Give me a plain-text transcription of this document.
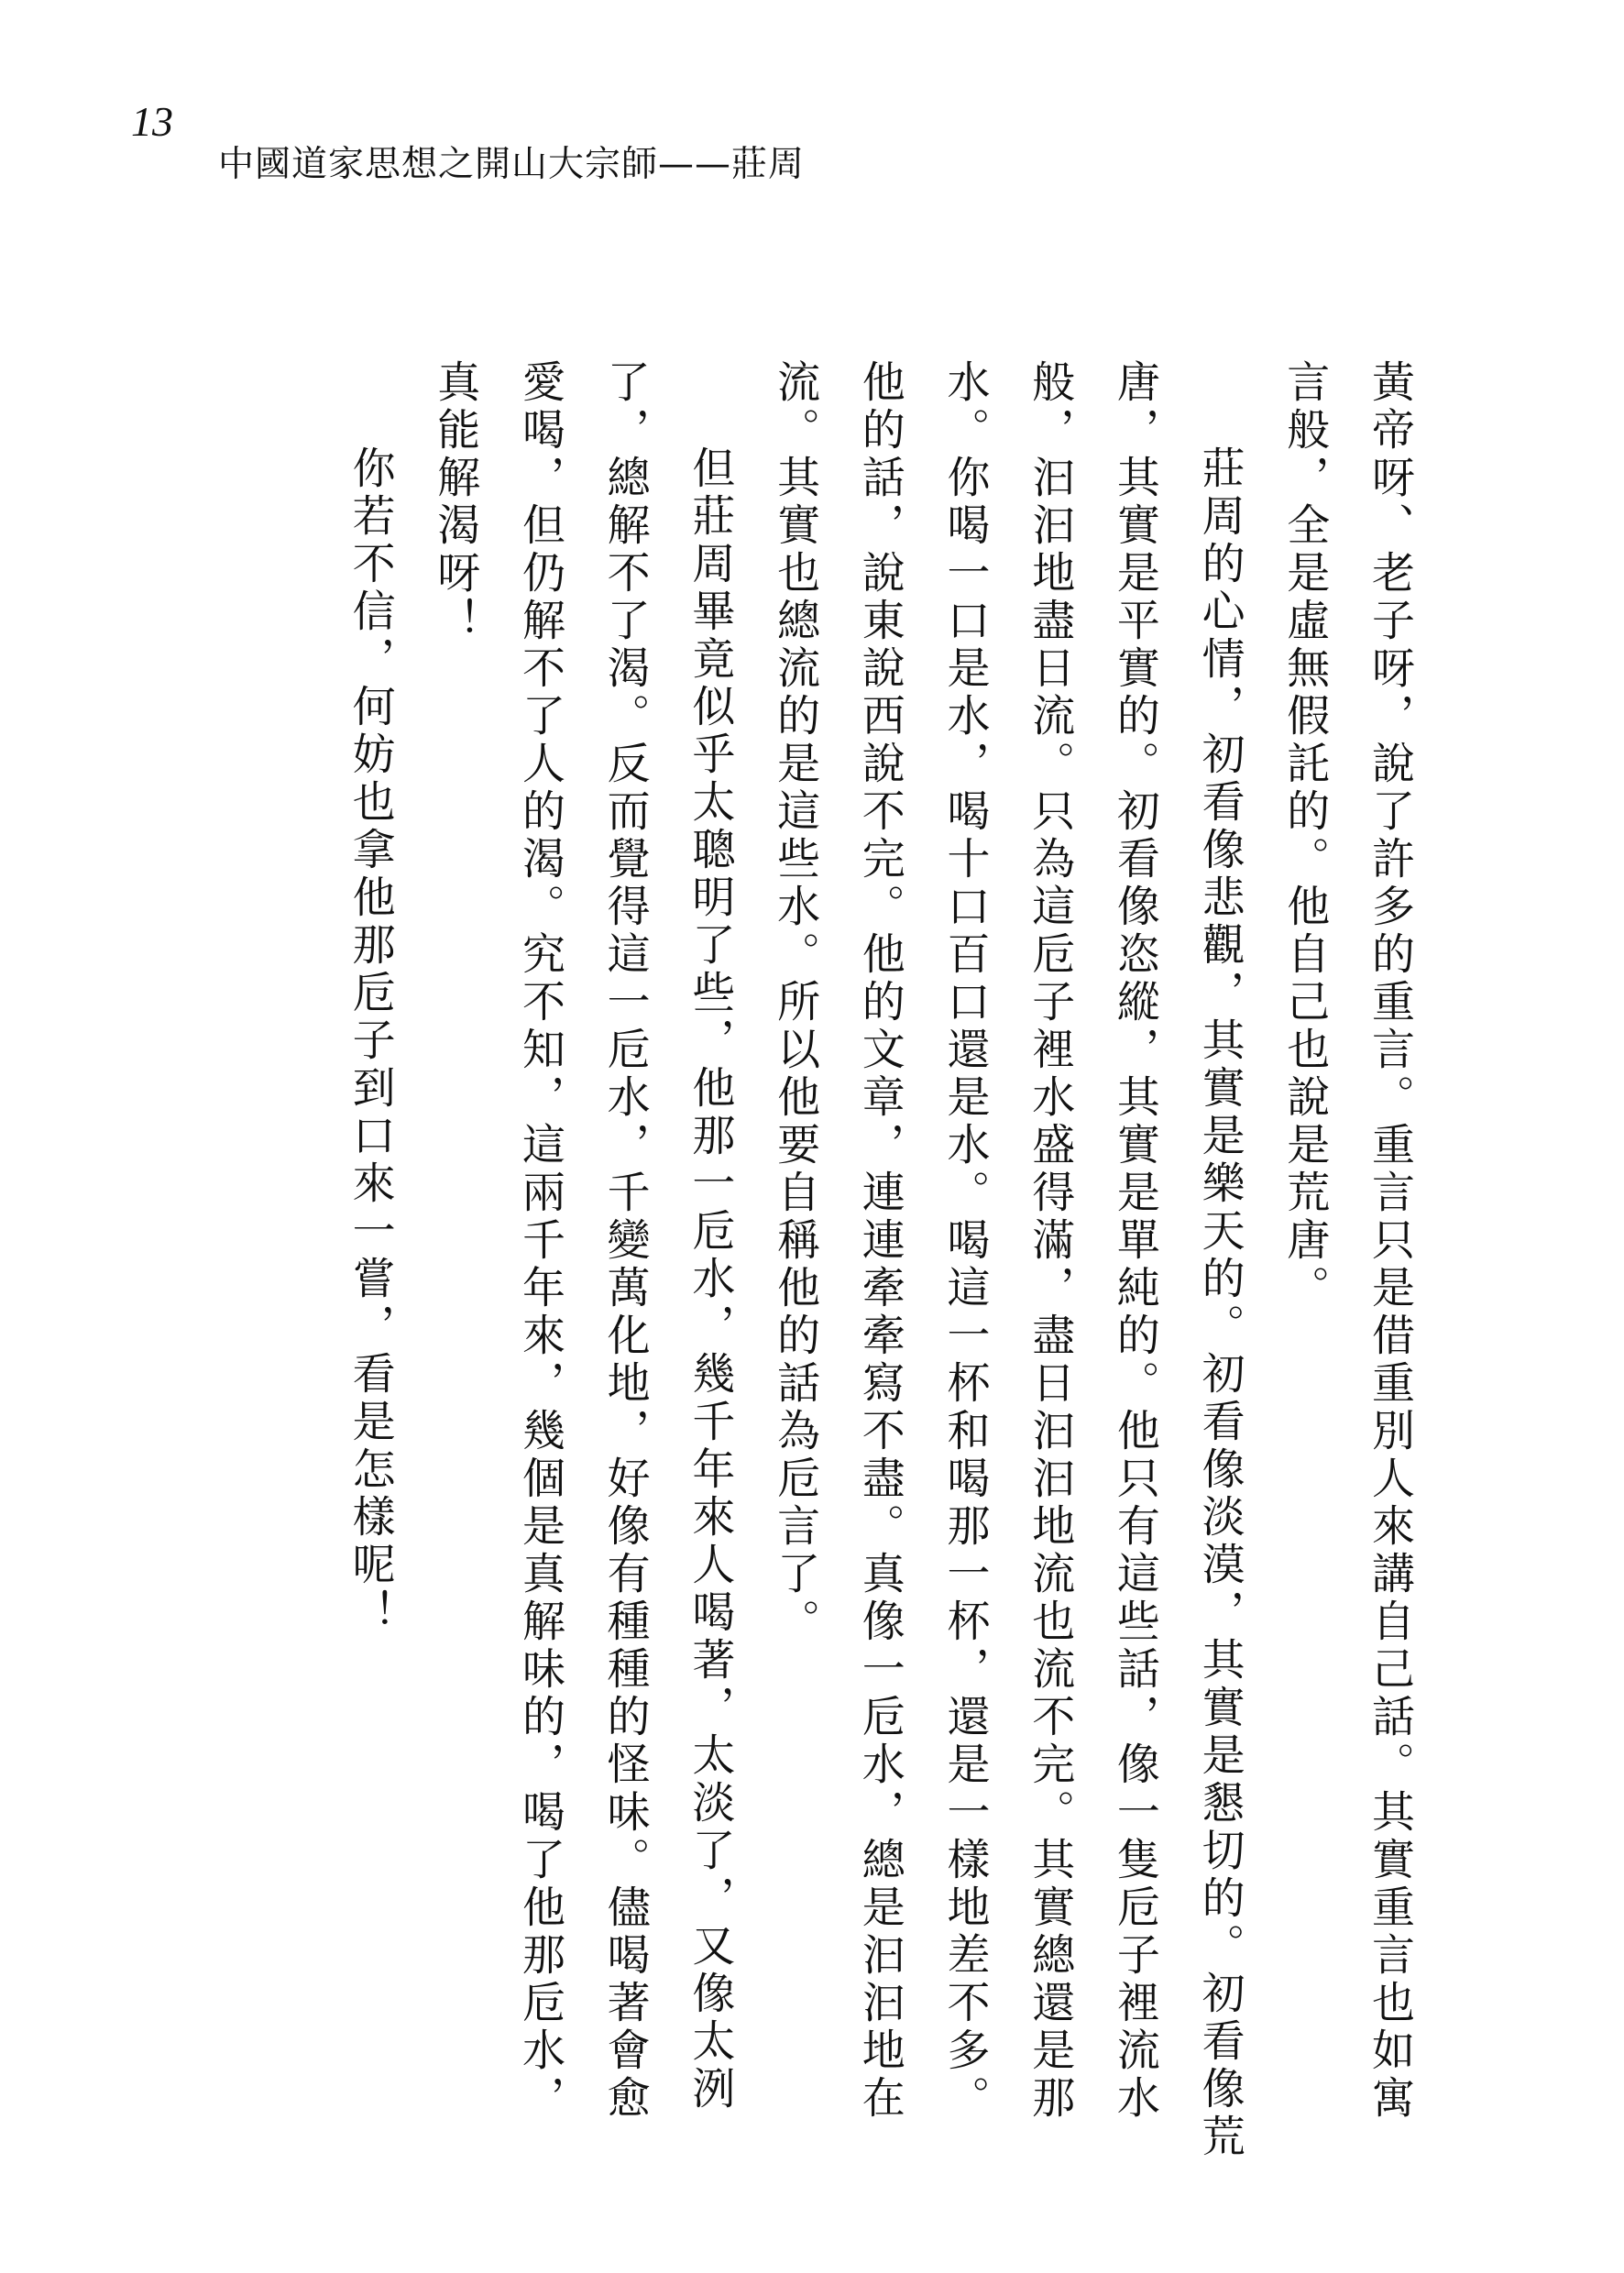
13
中國道家思想之開山大宗師——莊周

黃帝呀、老子呀，說了許多的重言。重言只是借重別人來講自己話。其實重言也如寓言般，全是虛無假託的。他自己也說是荒唐。

莊周的心情，初看像悲觀，其實是樂天的。初看像淡漠，其實是懇切的。初看像荒唐，其實是平實的。初看像恣縱，其實是單純的。他只有這些話，像一隻卮子裡流水般，汩汩地盡日流。只為這卮子裡水盛得滿，盡日汩汩地流也流不完。其實總還是那水。你喝一口是水，喝十口百口還是水。喝這一杯和喝那一杯，還是一樣地差不多。他的話，說東說西說不完。他的文章，連連牽牽寫不盡。真像一卮水，總是汩汩地在流。其實也總流的是這些水。所以他要自稱他的話為卮言了。

但莊周畢竟似乎太聰明了些，他那一卮水，幾千年來人喝著，太淡了，又像太洌了，總解不了渴。反而覺得這一卮水，千變萬化地，好像有種種的怪味。儘喝著會愈愛喝，但仍解不了人的渴。究不知，這兩千年來，幾個是真解味的，喝了他那卮水，真能解渴呀！

你若不信，何妨也拿他那卮子到口來一嘗，看是怎樣呢！
